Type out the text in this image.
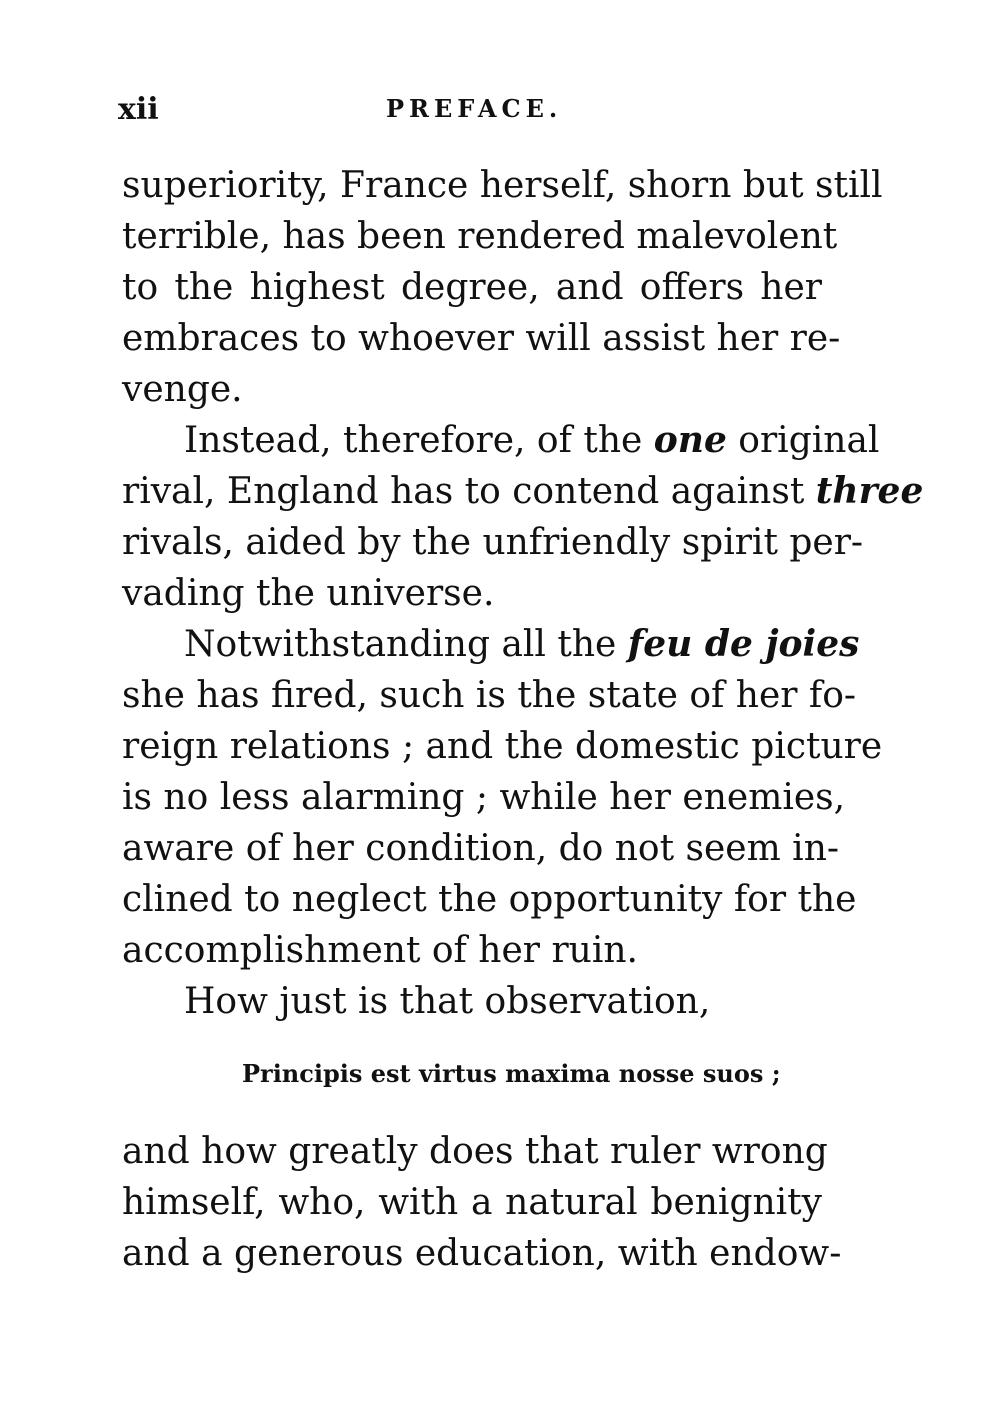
xii	PREFACE.
superiority, France herself, shorn but still
terrible, has been rendered malevolent
to the highest degree, and offers her
embraces to whoever will assist her re-
venge.
Instead, therefore, of the one original
rival, England has to contend against three
rivals, aided by the unfriendly spirit per-
vading the universe.
Notwithstanding all the feu de joies
she has fired, such is the state of her fo-
reign relations ; and the domestic picture
is no less alarming ; while her enemies,
aware of her condition, do not seem in-
clined to neglect the opportunity for the
accomplishment of her ruin.
How just is that observation,
Principis est virtus maxima nosse suos ;
and how greatly does that ruler wrong
himself, who, with a natural benignity
and a generous education, with endow-
